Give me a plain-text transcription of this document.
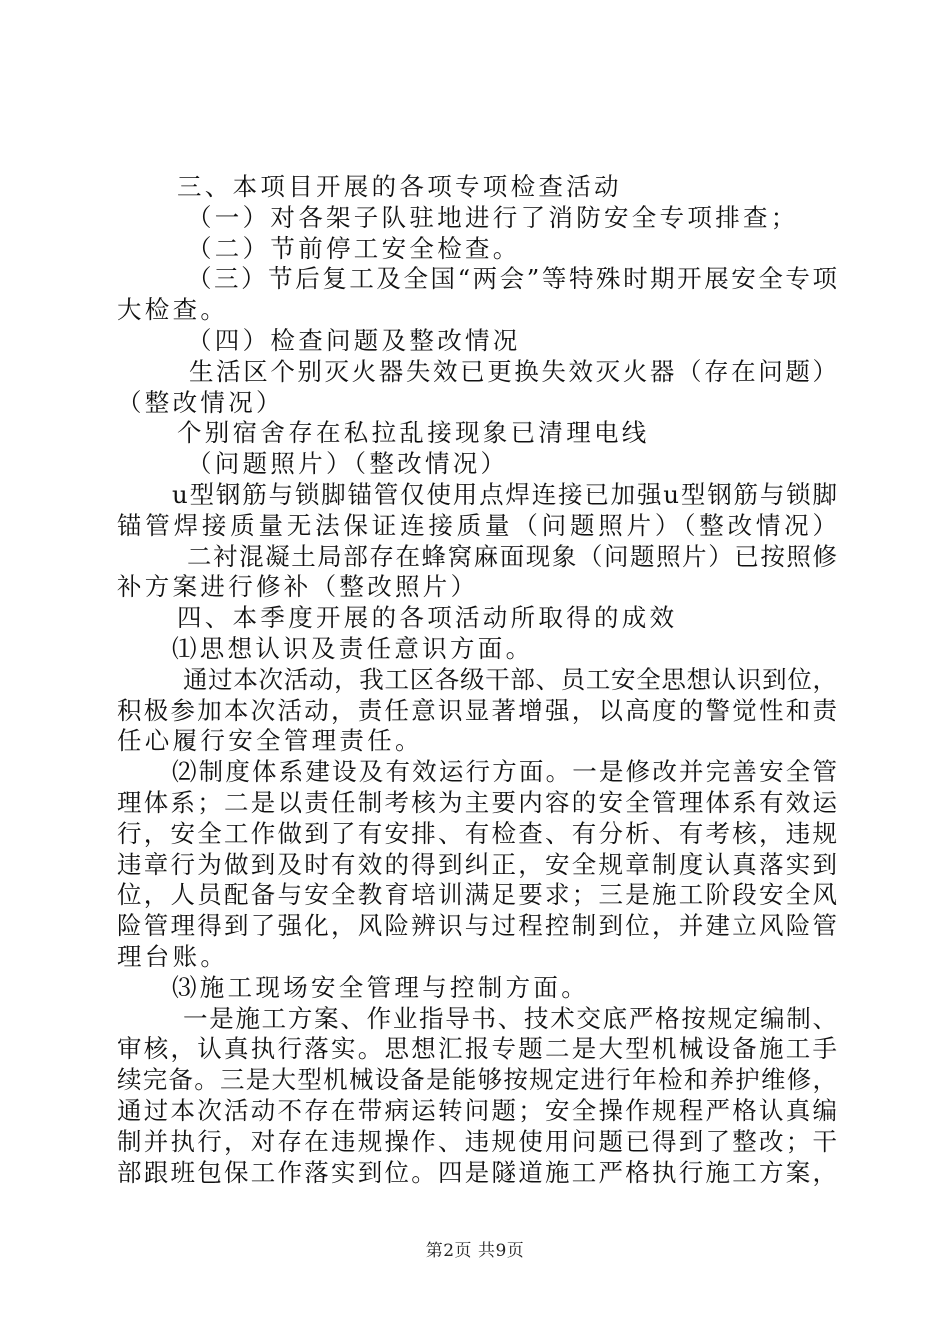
三、本项目开展的各项专项检查活动
（一）对各架子队驻地进行了消防安全专项排查；
（二）节前停工安全检查。
（三）节后复工及全国“两会”等特殊时期开展安全专项
大检查。
（四）检查问题及整改情况
生活区个别灭火器失效已更换失效灭火器（存在问题）
（整改情况）
个别宿舍存在私拉乱接现象已清理电线
（问题照片）（整改情况）
u型钢筋与锁脚锚管仅使用点焊连接已加强u型钢筋与锁脚
锚管焊接质量无法保证连接质量（问题照片）（整改情况）
二衬混凝土局部存在蜂窝麻面现象（问题照片）已按照修
补方案进行修补（整改照片）
四、本季度开展的各项活动所取得的成效
⑴思想认识及责任意识方面。
通过本次活动，我工区各级干部、员工安全思想认识到位，
积极参加本次活动，责任意识显著增强，以高度的警觉性和责
任心履行安全管理责任。
⑵制度体系建设及有效运行方面。一是修改并完善安全管
理体系；二是以责任制考核为主要内容的安全管理体系有效运
行，安全工作做到了有安排、有检查、有分析、有考核，违规
违章行为做到及时有效的得到纠正，安全规章制度认真落实到
位，人员配备与安全教育培训满足要求；三是施工阶段安全风
险管理得到了强化，风险辨识与过程控制到位，并建立风险管
理台账。
⑶施工现场安全管理与控制方面。
一是施工方案、作业指导书、技术交底严格按规定编制、
审核，认真执行落实。思想汇报专题二是大型机械设备施工手
续完备。三是大型机械设备是能够按规定进行年检和养护维修，
通过本次活动不存在带病运转问题；安全操作规程严格认真编
制并执行，对存在违规操作、违规使用问题已得到了整改；干
部跟班包保工作落实到位。四是隧道施工严格执行施工方案，
第2页 共9页
